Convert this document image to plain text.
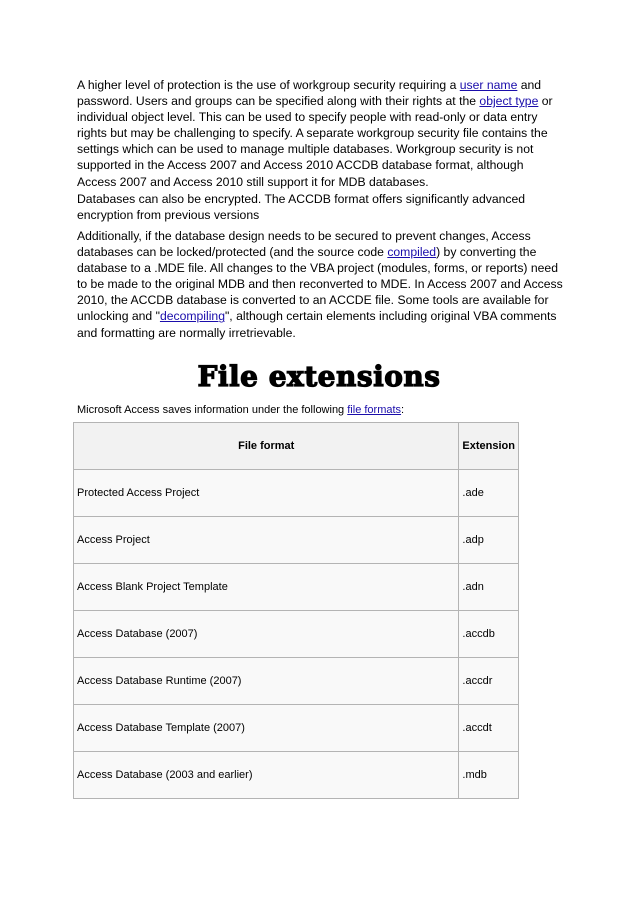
A higher level of protection is the use of workgroup security requiring a user name and password. Users and groups can be specified along with their rights at the object type or individual object level. This can be used to specify people with read-only or data entry rights but may be challenging to specify. A separate workgroup security file contains the settings which can be used to manage multiple databases. Workgroup security is not supported in the Access 2007 and Access 2010 ACCDB database format, although Access 2007 and Access 2010 still support it for MDB databases.

Databases can also be encrypted. The ACCDB format offers significantly advanced encryption from previous versions

Additionally, if the database design needs to be secured to prevent changes, Access databases can be locked/protected (and the source code compiled) by converting the database to a .MDE file. All changes to the VBA project (modules, forms, or reports) need to be made to the original MDB and then reconverted to MDE. In Access 2007 and Access 2010, the ACCDB database is converted to an ACCDE file. Some tools are available for unlocking and "decompiling", although certain elements including original VBA comments and formatting are normally irretrievable.

File extensions

Microsoft Access saves information under the following file formats:

File format	Extension
Protected Access Project	.ade
Access Project	.adp
Access Blank Project Template	.adn
Access Database (2007)	.accdb
Access Database Runtime (2007)	.accdr
Access Database Template (2007)	.accdt
Access Database (2003 and earlier)	.mdb
